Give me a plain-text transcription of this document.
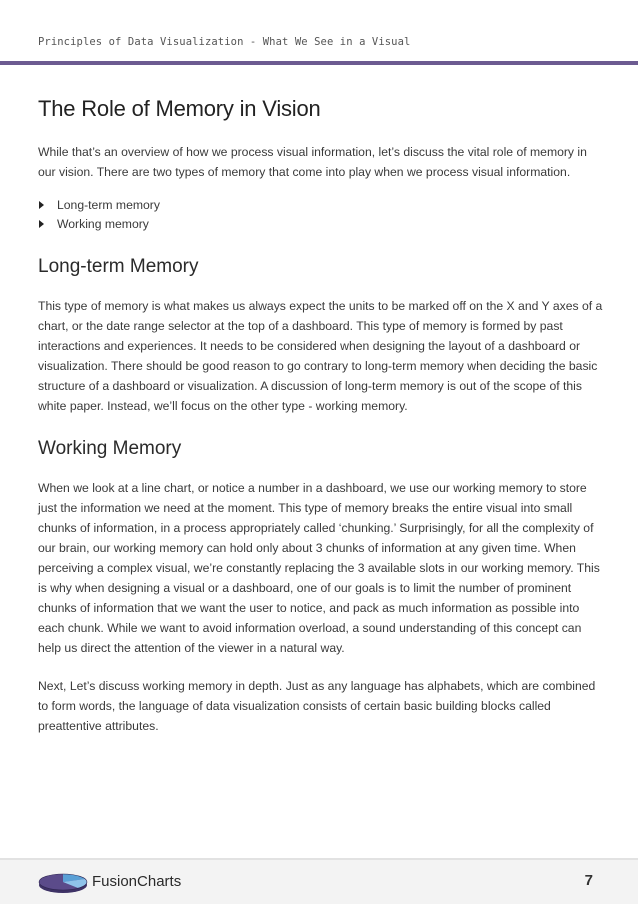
Principles of Data Visualization - What We See in a Visual
The Role of Memory in Vision

While that’s an overview of how we process visual information, let’s discuss the vital role of memory in our vision. There are two types of memory that come into play when we process visual information.

Long-term memory
Working memory
Long-term Memory

This type of memory is what makes us always expect the units to be marked off on the X and Y axes of a chart, or the date range selector at the top of a dashboard. This type of memory is formed by past interactions and experiences. It needs to be considered when designing the layout of a dashboard or visualization. There should be good reason to go contrary to long-term memory when deciding the basic structure of a dashboard or visualization. A discussion of long-term memory is out of the scope of this white paper. Instead, we’ll focus on the other type - working memory.

Working Memory

When we look at a line chart, or notice a number in a dashboard, we use our working memory to store just the information we need at the moment. This type of memory breaks the entire visual into small chunks of information, in a process appropriately called ‘chunking.’ Surprisingly, for all the complexity of our brain, our working memory can hold only about 3 chunks of information at any given time. When perceiving a complex visual, we’re constantly replacing the 3 available slots in our working memory. This is why when designing a visual or a dashboard, one of our goals is to limit the number of prominent chunks of information that we want the user to notice, and pack as much information as possible into each chunk. While we want to avoid information overload, a sound understanding of this concept can help us direct the attention of the viewer in a natural way.

Next, Let’s discuss working memory in depth. Just as any language has alphabets, which are combined to form words, the language of data visualization consists of certain basic building blocks called preattentive attributes.

FusionCharts	7
